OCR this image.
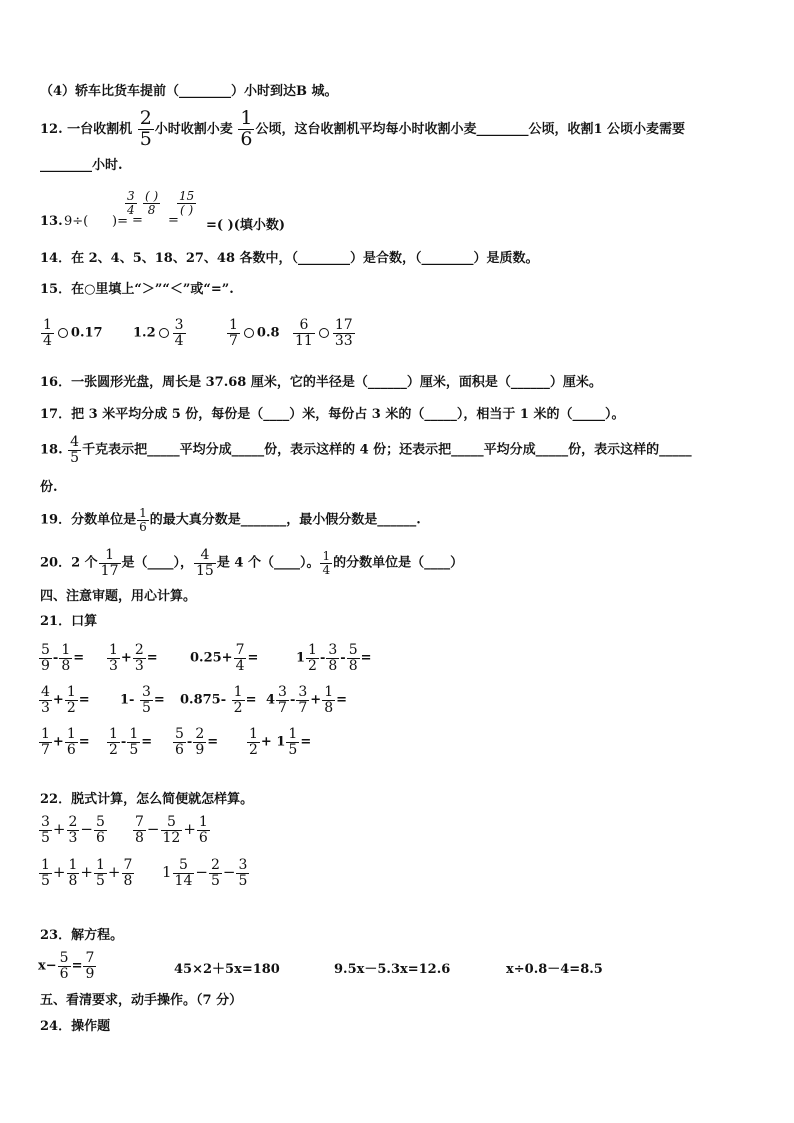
（4）轿车比货车提前（________）小时到达B 城。
12. 一台收割机 $\frac{2}{5}$ 小时收割小麦 $\frac{1}{6}$ 公顷，这台收割机平均每小时收割小麦________公顷，收割1 公顷小麦需要
________小时.
13. 9÷( )=
$\frac{3}{4}$
=
$\frac{( )}{8}$
=
$\frac{15}{( )}$
=( )(填小数)
14．在 2、4、5、18、27、48 各数中，（________）是合数，（________）是质数。
15．在○里填上“＞”“＜”或“=”.
$\frac{1}{4} 0.17$ $1.2 \frac{3}{4}$	$\frac{1}{7} 0.8 \frac{6}{11} \frac{17}{33}$
16．一张圆形光盘，周长是 37.68 厘米，它的半径是（______）厘米，面积是（______）厘米。
17．把 3 米平均分成 5 份，每份是（____）米，每份占 3 米的（_____），相当于 1 米的（_____）。
18. $\frac{4}{5}$ 千克表示把_____平均分成_____份，表示这样的 4 份；还表示把_____平均分成_____份，表示这样的_____
份.
19．分数单位是 $\frac{1}{6}$ 的最大真分数是_______，最小假分数是______.
20．2 个 $\frac{1}{17}$ 是（____）， $\frac{4}{15}$ 是 4 个（____）。 $\frac{1}{4}$ 的分数单位是（____）
四、注意审题，用心计算。
21．口算
$\frac{5}{9} - \frac{1}{8} = \frac{1}{3} + \frac{2}{3} = 0.25+ \frac{7}{4}$ =	$1 \frac{1}{2} - \frac{3}{8} - \frac{5}{8}$ =
$\frac{4}{3} + \frac{1}{2} = 1- \frac{3}{5} = 0.875- \frac{1}{2} = 4 \frac{3}{7} - \frac{3}{7} + \frac{1}{8}$ =
$\frac{1}{7} + \frac{1}{6} = \frac{1}{2} - \frac{1}{5} = \frac{5}{6} - \frac{2}{9} = \frac{1}{2} + 1 \frac{1}{5}$ =
22．脱式计算，怎么简便就怎样算。
$\frac{3}{5} + \frac{2}{3} - \frac{5}{6} \frac{7}{8} - \frac{5}{12} + \frac{1}{6}$
$\frac{1}{5} + \frac{1}{8} + \frac{1}{5} + \frac{7}{8} 1 \frac{5}{14} - \frac{2}{5} - \frac{3}{5}$
23．解方程。
$x- \frac{5}{6} = \frac{7}{9}$	45×2＋5x=180	9.5x－5.3x=12.6	x÷0.8－4=8.5
五、看清要求，动手操作。（7 分）
24．操作题
